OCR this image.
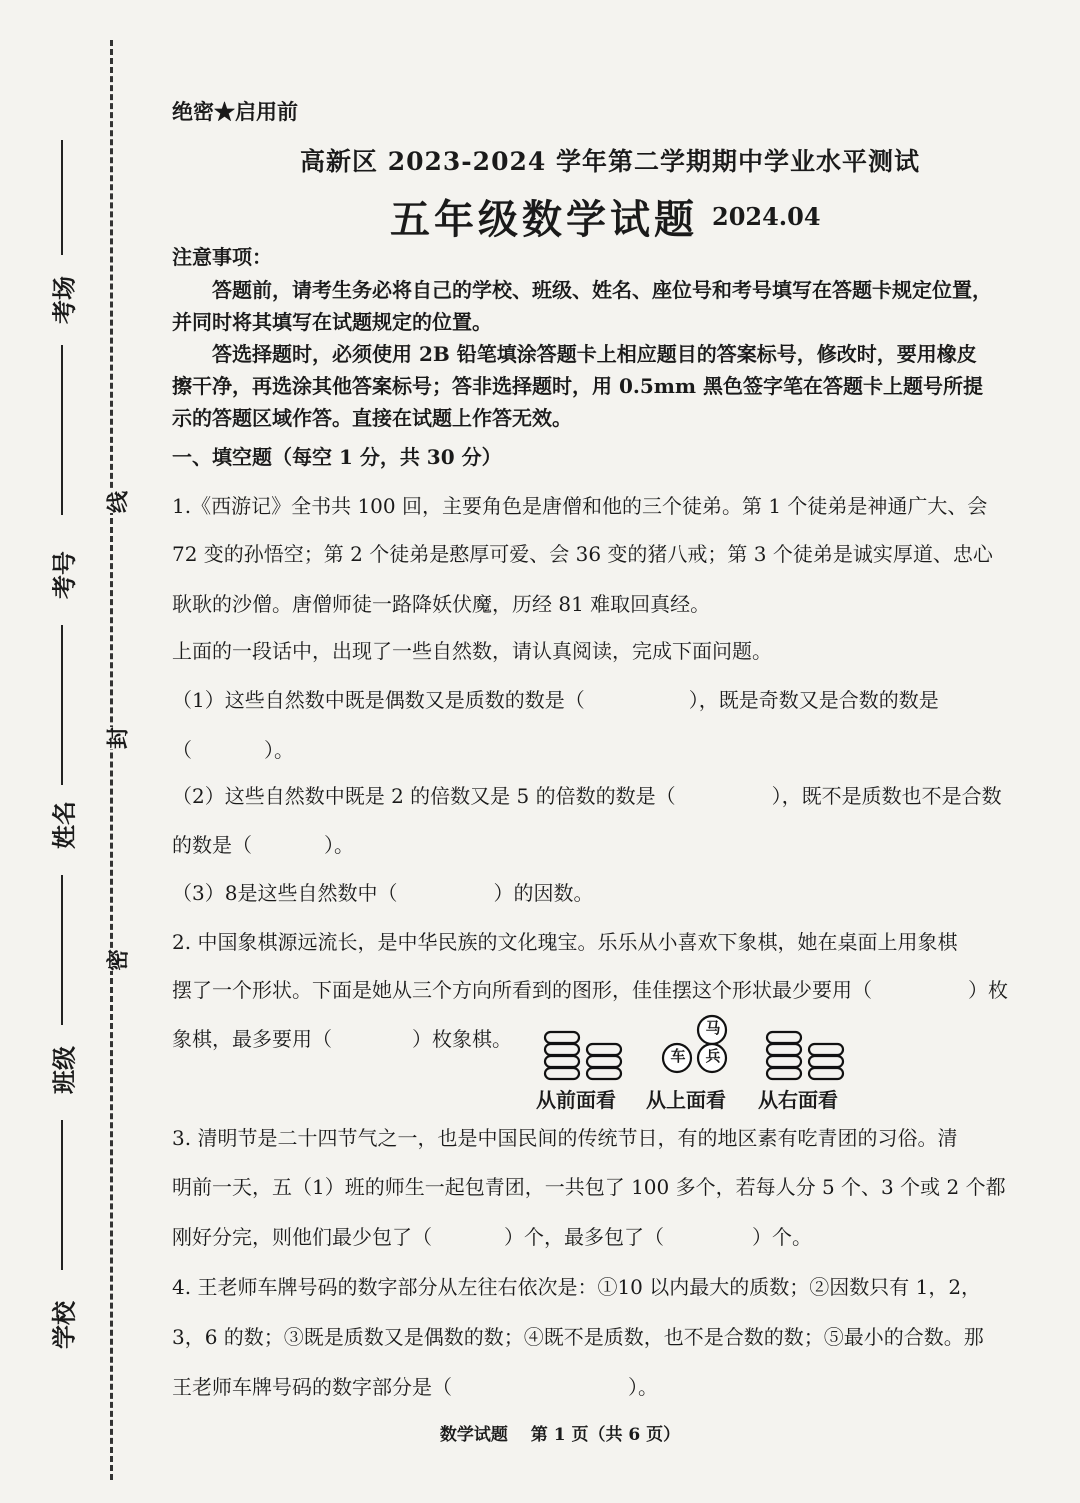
考场
考号
姓名
班级
学校
线
封
密
绝密★启用前
高新区 2023-2024 学年第二学期期中学业水平测试
五年级数学试题 2024.04
注意事项：
答题前，请考生务必将自己的学校、班级、姓名、座位号和考号填写在答题卡规定位置，
并同时将其填写在试题规定的位置。
答选择题时，必须使用 2B 铅笔填涂答题卡上相应题目的答案标号，修改时，要用橡皮
擦干净，再选涂其他答案标号；答非选择题时，用 0.5mm 黑色签字笔在答题卡上题号所提
示的答题区域作答。直接在试题上作答无效。
一、填空题（每空 1 分，共 30 分）
1.《西游记》全书共 100 回，主要角色是唐僧和他的三个徒弟。第 1 个徒弟是神通广大、会
72 变的孙悟空；第 2 个徒弟是憨厚可爱、会 36 变的猪八戒；第 3 个徒弟是诚实厚道、忠心
耿耿的沙僧。唐僧师徒一路降妖伏魔，历经 81 难取回真经。
上面的一段话中，出现了一些自然数，请认真阅读，完成下面问题。
（1）这些自然数中既是偶数又是质数的数是（	），既是奇数又是合数的数是
（	）。
（2）这些自然数中既是 2 的倍数又是 5 的倍数的数是（	），既不是质数也不是合数
的数是（	）。
（3）8是这些自然数中（	）的因数。
2. 中国象棋源远流长，是中华民族的文化瑰宝。乐乐从小喜欢下象棋，她在桌面上用象棋
摆了一个形状。下面是她从三个方向所看到的图形，佳佳摆这个形状最少要用（	）枚
象棋，最多要用（	）枚象棋。	马
车	兵
从前面看 从上面看 从右面看
3. 清明节是二十四节气之一，也是中国民间的传统节日，有的地区素有吃青团的习俗。清
明前一天，五（1）班的师生一起包青团，一共包了 100 多个，若每人分 5 个、3 个或 2 个都
刚好分完，则他们最少包了（	）个，最多包了（	）个。
4. 王老师车牌号码的数字部分从左往右依次是：①10 以内最大的质数；②因数只有 1，2，
3，6 的数；③既是质数又是偶数的数；④既不是质数，也不是合数的数；⑤最小的合数。那
王老师车牌号码的数字部分是（	）。
数学试题　 第 1 页（共 6 页）
